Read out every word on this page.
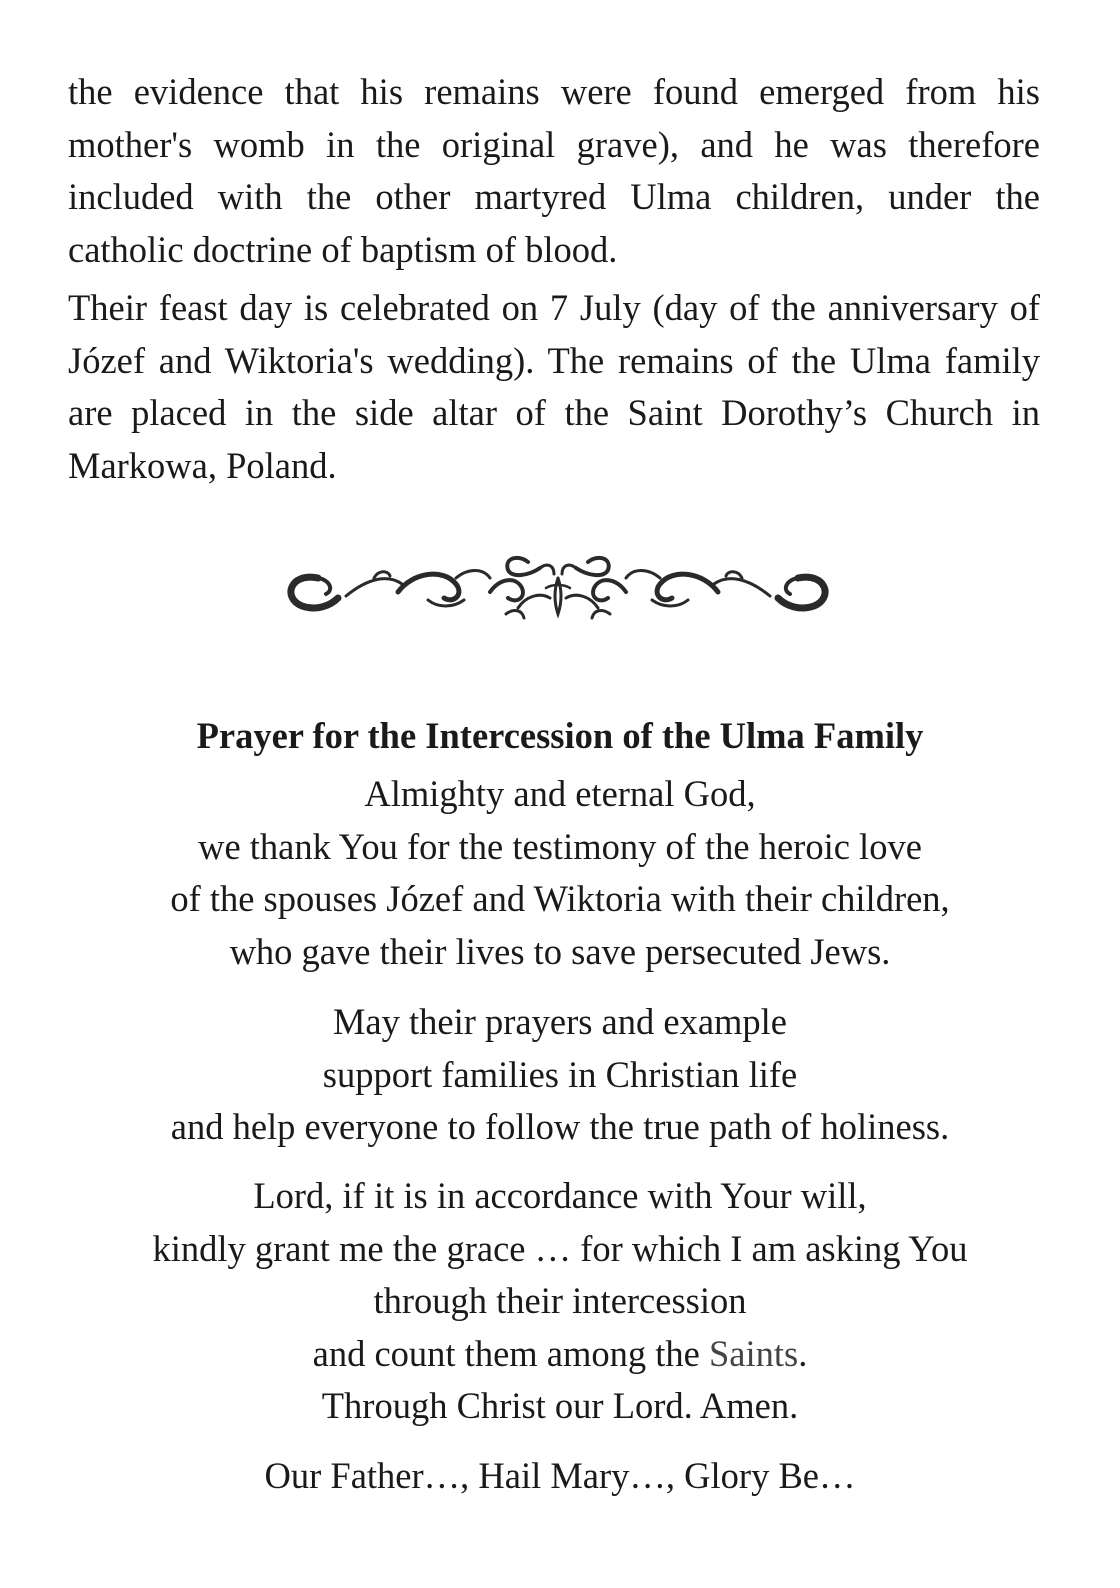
the evidence that his remains were found emerged from his mother's womb in the original grave), and he was therefore included with the other martyred Ulma children, under the catholic doctrine of baptism of blood.

Their feast day is celebrated on 7 July (day of the anniversary of Józef and Wiktoria's wedding). The remains of the Ulma family are placed in the side altar of the Saint Dorothy’s Church in Markowa, Poland.

Prayer for the Intercession of the Ulma Family
Almighty and eternal God,
we thank You for the testimony of the heroic love
of the spouses Józef and Wiktoria with their children,
who gave their lives to save persecuted Jews.
May their prayers and example
support families in Christian life
and help everyone to follow the true path of holiness.
Lord, if it is in accordance with Your will,
kindly grant me the grace … for which I am asking You
through their intercession
and count them among the Saints.
Through Christ our Lord. Amen.
Our Father…, Hail Mary…, Glory Be…
